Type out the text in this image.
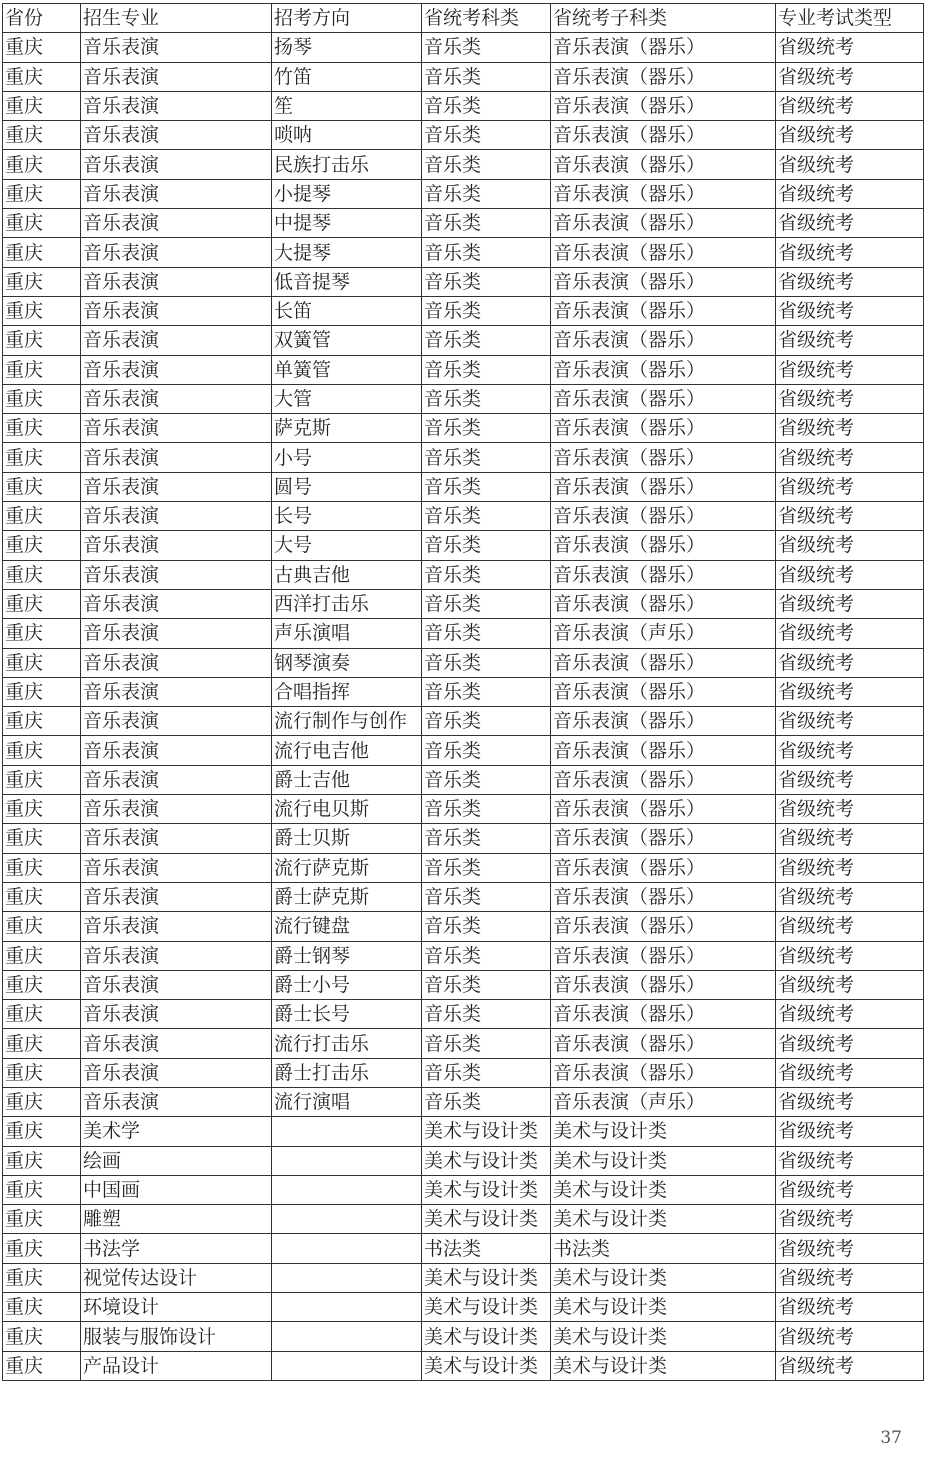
省份	招生专业	招考方向	省统考科类	省统考子科类	专业考试类型
重庆	音乐表演	扬琴	音乐类	音乐表演（器乐）	省级统考
重庆	音乐表演	竹笛	音乐类	音乐表演（器乐）	省级统考
重庆	音乐表演	笙	音乐类	音乐表演（器乐）	省级统考
重庆	音乐表演	唢呐	音乐类	音乐表演（器乐）	省级统考
重庆	音乐表演	民族打击乐	音乐类	音乐表演（器乐）	省级统考
重庆	音乐表演	小提琴	音乐类	音乐表演（器乐）	省级统考
重庆	音乐表演	中提琴	音乐类	音乐表演（器乐）	省级统考
重庆	音乐表演	大提琴	音乐类	音乐表演（器乐）	省级统考
重庆	音乐表演	低音提琴	音乐类	音乐表演（器乐）	省级统考
重庆	音乐表演	长笛	音乐类	音乐表演（器乐）	省级统考
重庆	音乐表演	双簧管	音乐类	音乐表演（器乐）	省级统考
重庆	音乐表演	单簧管	音乐类	音乐表演（器乐）	省级统考
重庆	音乐表演	大管	音乐类	音乐表演（器乐）	省级统考
重庆	音乐表演	萨克斯	音乐类	音乐表演（器乐）	省级统考
重庆	音乐表演	小号	音乐类	音乐表演（器乐）	省级统考
重庆	音乐表演	圆号	音乐类	音乐表演（器乐）	省级统考
重庆	音乐表演	长号	音乐类	音乐表演（器乐）	省级统考
重庆	音乐表演	大号	音乐类	音乐表演（器乐）	省级统考
重庆	音乐表演	古典吉他	音乐类	音乐表演（器乐）	省级统考
重庆	音乐表演	西洋打击乐	音乐类	音乐表演（器乐）	省级统考
重庆	音乐表演	声乐演唱	音乐类	音乐表演（声乐）	省级统考
重庆	音乐表演	钢琴演奏	音乐类	音乐表演（器乐）	省级统考
重庆	音乐表演	合唱指挥	音乐类	音乐表演（器乐）	省级统考
重庆	音乐表演	流行制作与创作	音乐类	音乐表演（器乐）	省级统考
重庆	音乐表演	流行电吉他	音乐类	音乐表演（器乐）	省级统考
重庆	音乐表演	爵士吉他	音乐类	音乐表演（器乐）	省级统考
重庆	音乐表演	流行电贝斯	音乐类	音乐表演（器乐）	省级统考
重庆	音乐表演	爵士贝斯	音乐类	音乐表演（器乐）	省级统考
重庆	音乐表演	流行萨克斯	音乐类	音乐表演（器乐）	省级统考
重庆	音乐表演	爵士萨克斯	音乐类	音乐表演（器乐）	省级统考
重庆	音乐表演	流行键盘	音乐类	音乐表演（器乐）	省级统考
重庆	音乐表演	爵士钢琴	音乐类	音乐表演（器乐）	省级统考
重庆	音乐表演	爵士小号	音乐类	音乐表演（器乐）	省级统考
重庆	音乐表演	爵士长号	音乐类	音乐表演（器乐）	省级统考
重庆	音乐表演	流行打击乐	音乐类	音乐表演（器乐）	省级统考
重庆	音乐表演	爵士打击乐	音乐类	音乐表演（器乐）	省级统考
重庆	音乐表演	流行演唱	音乐类	音乐表演（声乐）	省级统考
重庆	美术学		美术与设计类	美术与设计类	省级统考
重庆	绘画		美术与设计类	美术与设计类	省级统考
重庆	中国画		美术与设计类	美术与设计类	省级统考
重庆	雕塑		美术与设计类	美术与设计类	省级统考
重庆	书法学		书法类	书法类	省级统考
重庆	视觉传达设计		美术与设计类	美术与设计类	省级统考
重庆	环境设计		美术与设计类	美术与设计类	省级统考
重庆	服装与服饰设计		美术与设计类	美术与设计类	省级统考
重庆	产品设计		美术与设计类	美术与设计类	省级统考
37
